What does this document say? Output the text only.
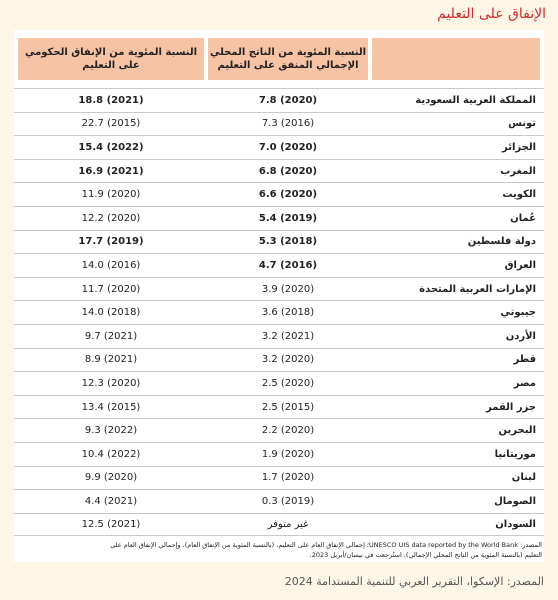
الإنفاق على التعليم
النسبة المئوية من الناتج المحلي
الإجمالي المنفق على التعليم
النسبة المئوية من الإنفاق الحكومي
على التعليم
المملكة العربية السعودية
7.8 (2020)
18.8 (2021)
تونس
7.3 (2016)
22.7 (2015)
الجزائر
7.0 (2020)
15.4 (2022)
المغرب
6.8 (2020)
16.9 (2021)
الكويت
6.6 (2020)
11.9 (2020)
عُمان
5.4 (2019)
12.2 (2020)
دولة فلسطين
5.3 (2018)
17.7 (2019)
العراق
4.7 (2016)
14.0 (2016)
الإمارات العربية المتحدة
3.9 (2020)
11.7 (2020)
جيبوتي
3.6 (2018)
14.0 (2018)
الأردن
3.2 (2021)
9.7 (2021)
قطر
3.2 (2020)
8.9 (2021)
مصر
2.5 (2020)
12.3 (2020)
جزر القمر
2.5 (2015)
13.4 (2015)
البحرين
2.2 (2020)
9.3 (2022)
موريتانيا
1.9 (2020)
10.4 (2022)
لبنان
1.7 (2020)
9.9 (2020)
الصومال
0.3 (2019)
4.4 (2021)
السودان
غير متوفر
12.5 (2021)
المصدر: UNESCO UIS data reported by the World Bank؛ إجمالي الإنفاق العام على التعليم، (بالنسبة المئوية من الإنفاق العام)، وإجمالي الإنفاق العام على
التعليم (بالنسبة المئوية من الناتج المحلي الإجمالي). استُرجعت في نيسان/أبريل 2023.
المصدر: الإسكوا، التقرير العربي للتنمية المستدامة 2024
